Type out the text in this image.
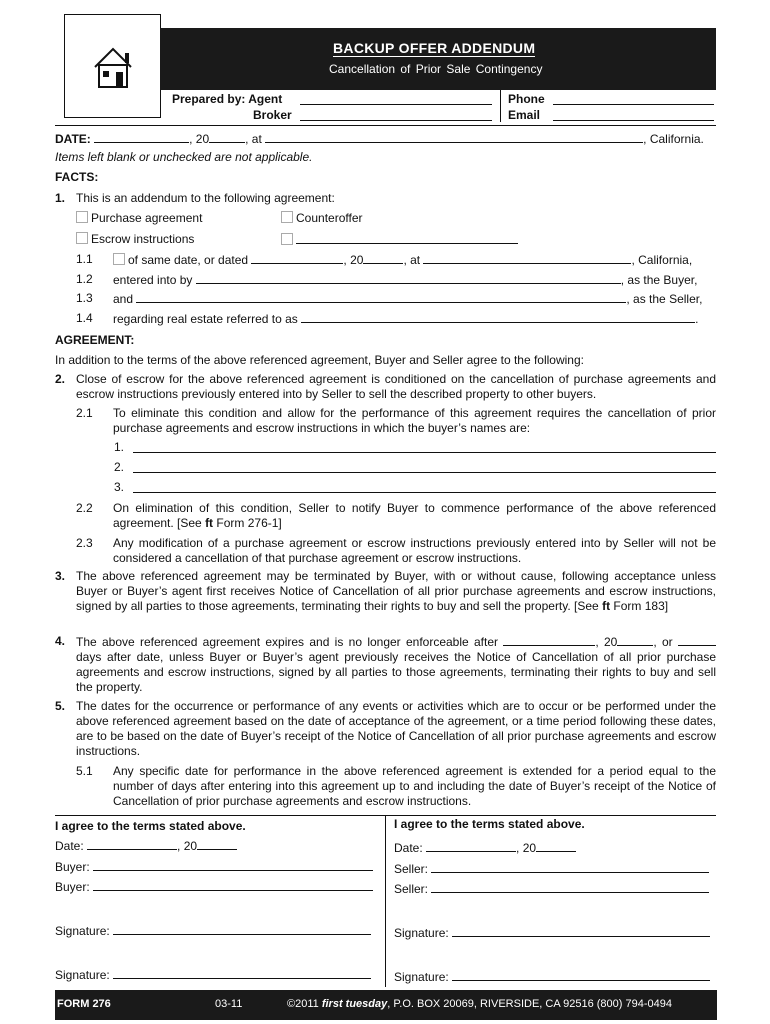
BACKUP OFFER ADDENDUM
Cancellation of Prior Sale Contingency
Prepared by: Agent
Broker
Phone
Email
DATE:	, 20	, at	, California.
Items left blank or unchecked are not applicable.
FACTS:
1. This is an addendum to the following agreement:
Purchase agreement	Counteroffer
Escrow instructions
1.1	of same date, or dated	, 20	, at	, California,
1.2 entered into by	, as the Buyer,
1.3 and	, as the Seller,
1.4 regarding real estate referred to as	.
AGREEMENT:
In addition to the terms of the above referenced agreement, Buyer and Seller agree to the following:
2. Close of escrow for the above referenced agreement is conditioned on the cancellation of purchase agreements and escrow instructions previously entered into by Seller to sell the described property to other buyers.
2.1 To eliminate this condition and allow for the performance of this agreement requires the cancellation of prior purchase agreements and escrow instructions in which the buyer’s names are:
1.
2.
3.
2.2 On elimination of this condition, Seller to notify Buyer to commence performance of the above referenced agreement. [See ft Form 276-1]
2.3 Any modification of a purchase agreement or escrow instructions previously entered into by Seller will not be considered a cancellation of that purchase agreement or escrow instructions.
3. The above referenced agreement may be terminated by Buyer, with or without cause, following acceptance unless Buyer or Buyer’s agent first receives Notice of Cancellation of all prior purchase agreements and escrow instructions, signed by all parties to those agreements, terminating their rights to buy and sell the property. [See ft Form 183]
4. The above referenced agreement expires and is no longer enforceable after	, 20	, or  days after date, unless Buyer or Buyer’s agent previously receives the Notice of Cancellation of all prior purchase agreements and escrow instructions, signed by all parties to those agreements, terminating their rights to buy and sell the property.
5. The dates for the occurrence or performance of any events or activities which are to occur or be performed under the above referenced agreement based on the date of acceptance of the agreement, or a time period following these dates, are to be based on the date of Buyer’s receipt of the Notice of Cancellation of all prior purchase agreements and escrow instructions.
5.1 Any specific date for performance in the above referenced agreement is extended for a period equal to the number of days after entering into this agreement up to and including the date of Buyer’s receipt of the Notice of Cancellation of prior purchase agreements and escrow instructions.
I agree to the terms stated above.
Date:	, 20
Buyer:
Buyer:
Signature:
Signature:
I agree to the terms stated above.
Date:	, 20
Seller:
Seller:
Signature:
Signature:
FORM 276	03-11	©2011 first tuesday, P.O. BOX 20069, RIVERSIDE, CA 92516 (800) 794-0494
